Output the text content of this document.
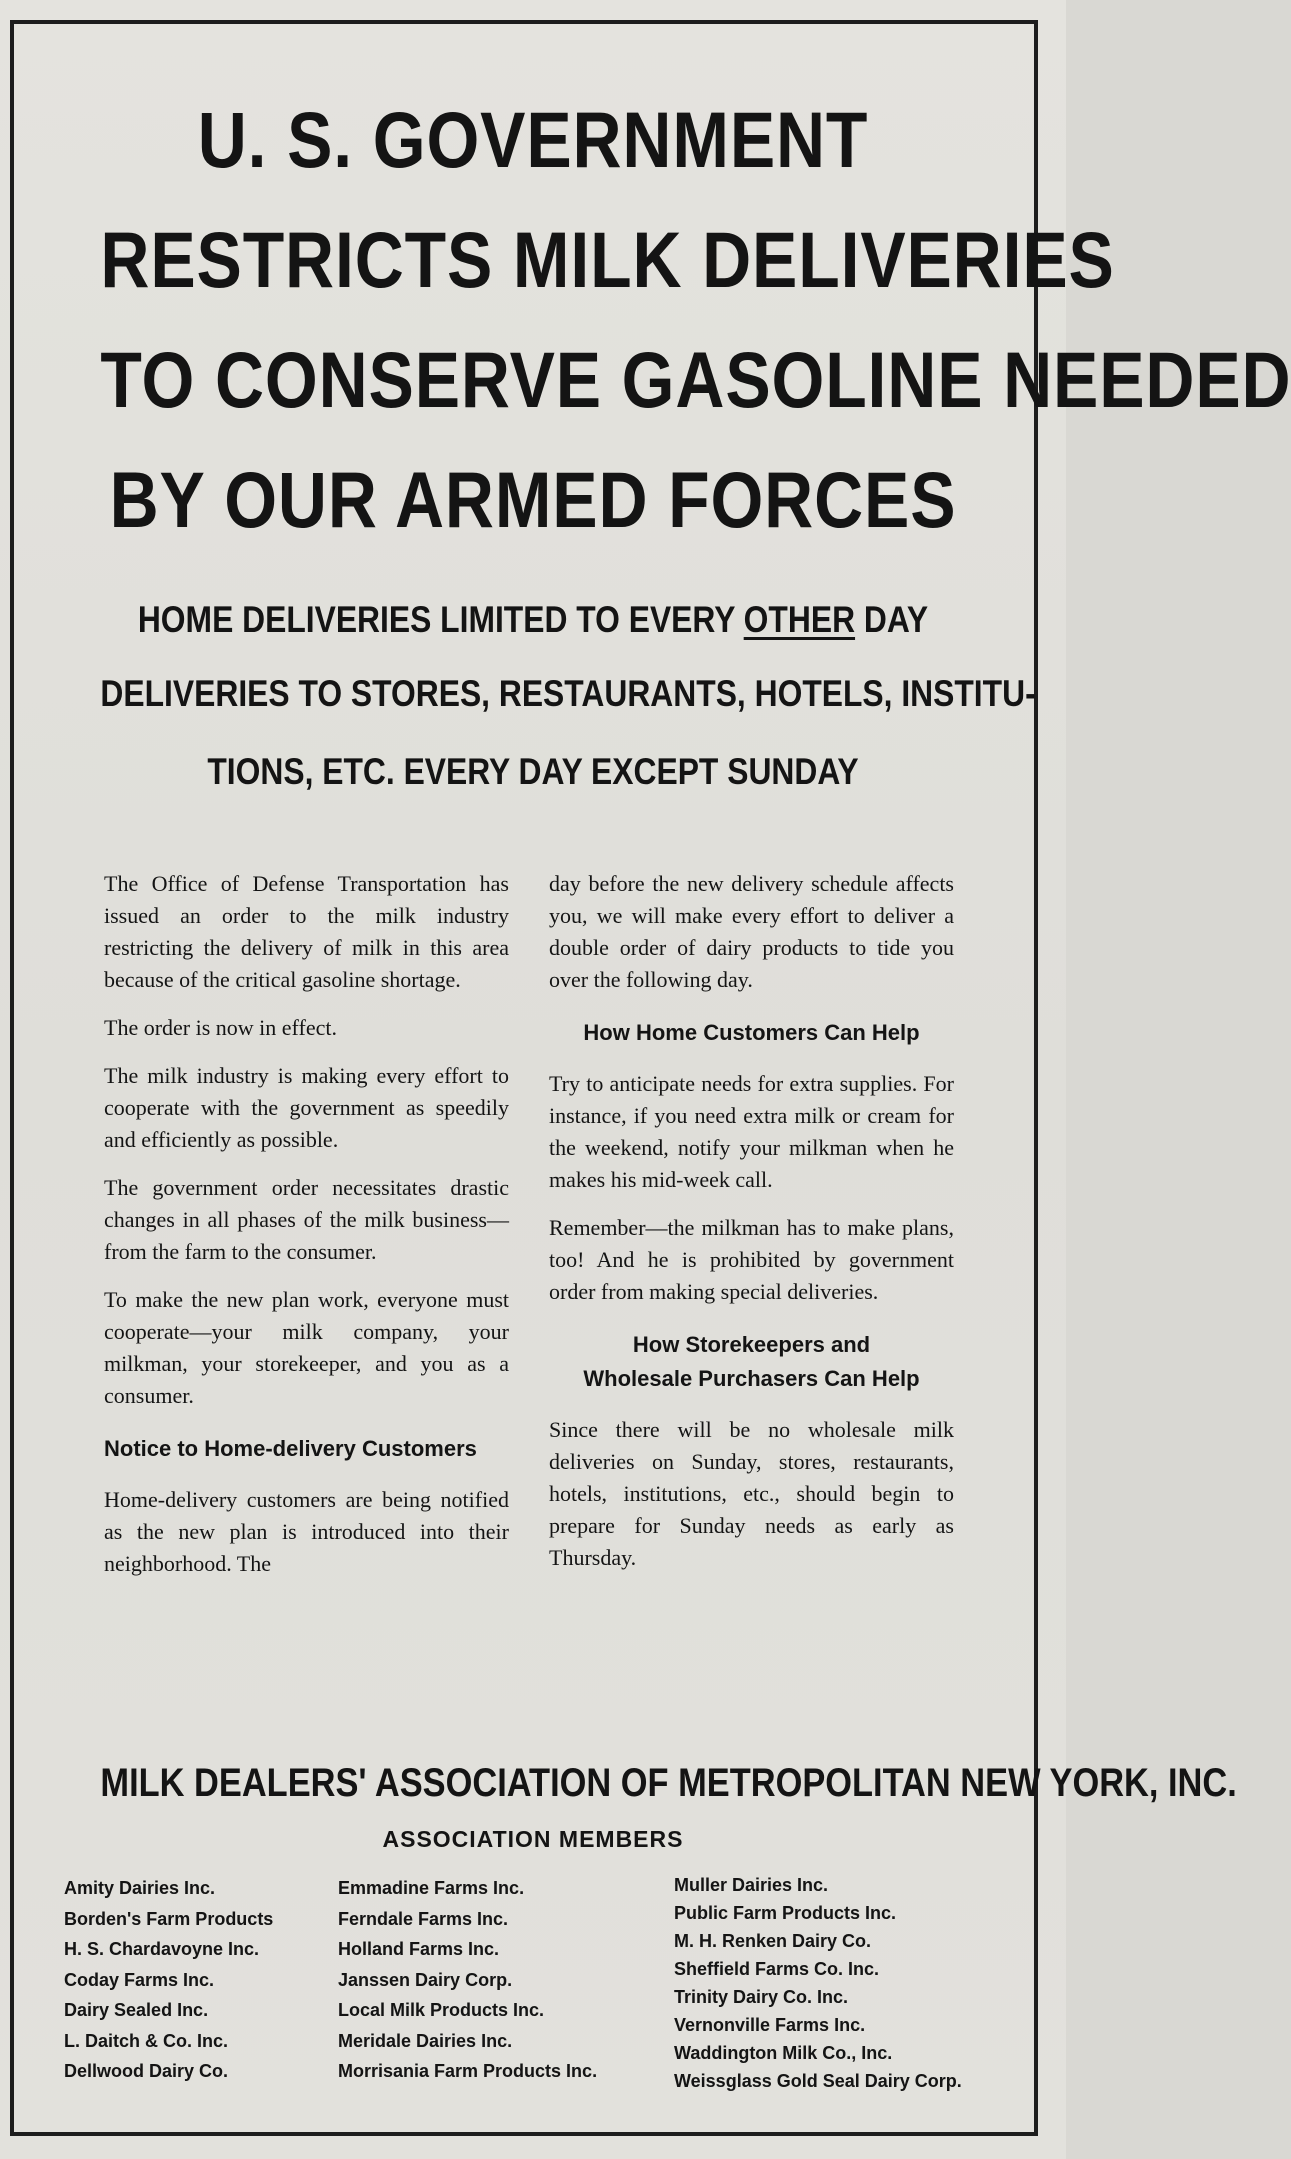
U. S. GOVERNMENT
RESTRICTS MILK DELIVERIES
TO CONSERVE GASOLINE NEEDED
BY OUR ARMED FORCES

HOME DELIVERIES LIMITED TO EVERY OTHER DAY

DELIVERIES TO STORES, RESTAURANTS, HOTELS, INSTITU-

TIONS, ETC. EVERY DAY EXCEPT SUNDAY

The Office of Defense Transportation has issued an order to the milk industry restricting the delivery of milk in this area because of the critical gasoline shortage.

The order is now in effect.

The milk industry is making every effort to cooperate with the government as speedily and efficiently as possible.

The government order necessitates drastic changes in all phases of the milk business—from the farm to the consumer.

To make the new plan work, everyone must cooperate—your milk company, your milkman, your storekeeper, and you as a consumer.

Notice to Home-delivery Customers

Home-delivery customers are being notified as the new plan is introduced into their neighborhood. The

day before the new delivery schedule affects you, we will make every effort to deliver a double order of dairy products to tide you over the following day.

How Home Customers Can Help

Try to anticipate needs for extra supplies. For instance, if you need extra milk or cream for the weekend, notify your milkman when he makes his mid-week call.

Remember—the milkman has to make plans, too! And he is prohibited by government order from making special deliveries.

How Storekeepers and
Wholesale Purchasers Can Help

Since there will be no wholesale milk deliveries on Sunday, stores, restaurants, hotels, institutions, etc., should begin to prepare for Sunday needs as early as Thursday.

MILK DEALERS' ASSOCIATION OF METROPOLITAN NEW YORK, INC.
ASSOCIATION MEMBERS
Amity Dairies Inc.
Borden's Farm Products
H. S. Chardavoyne Inc.
Coday Farms Inc.
Dairy Sealed Inc.
L. Daitch & Co. Inc.
Dellwood Dairy Co.
Emmadine Farms Inc.
Ferndale Farms Inc.
Holland Farms Inc.
Janssen Dairy Corp.
Local Milk Products Inc.
Meridale Dairies Inc.
Morrisania Farm Products Inc.
Muller Dairies Inc.
Public Farm Products Inc.
M. H. Renken Dairy Co.
Sheffield Farms Co. Inc.
Trinity Dairy Co. Inc.
Vernonville Farms Inc.
Waddington Milk Co., Inc.
Weissglass Gold Seal Dairy Corp.
